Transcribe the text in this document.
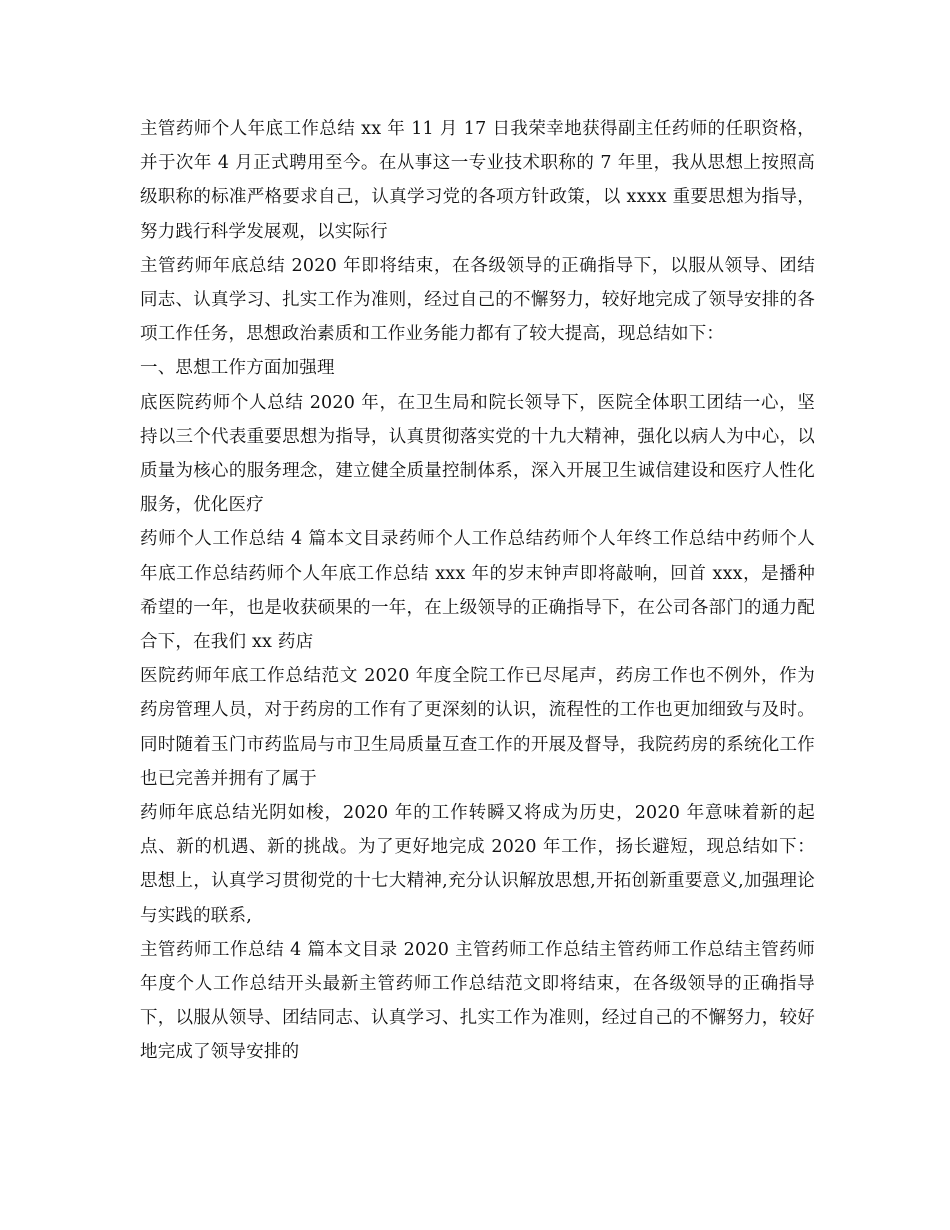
主管药师个人年底工作总结 xx 年 11 月 17 日我荣幸地获得副主任药师的任职资格，并于次年 4 月正式聘用至今。在从事这一专业技术职称的 7 年里，我从思想上按照高级职称的标准严格要求自己，认真学习党的各项方针政策，以 xxxx 重要思想为指导，努力践行科学发展观，以实际行

主管药师年底总结 2020 年即将结束，在各级领导的正确指导下，以服从领导、团结同志、认真学习、扎实工作为准则，经过自己的不懈努力，较好地完成了领导安排的各项工作任务，思想政治素质和工作业务能力都有了较大提高，现总结如下：

一、思想工作方面加强理

底医院药师个人总结 2020 年，在卫生局和院长领导下，医院全体职工团结一心，坚持以三个代表重要思想为指导，认真贯彻落实党的十九大精神，强化以病人为中心，以质量为核心的服务理念，建立健全质量控制体系，深入开展卫生诚信建设和医疗人性化服务，优化医疗

药师个人工作总结 4 篇本文目录药师个人工作总结药师个人年终工作总结中药师个人年底工作总结药师个人年底工作总结 xxx 年的岁末钟声即将敲响，回首 xxx，是播种希望的一年，也是收获硕果的一年，在上级领导的正确指导下，在公司各部门的通力配合下，在我们 xx 药店

医院药师年底工作总结范文 2020 年度全院工作已尽尾声，药房工作也不例外，作为药房管理人员，对于药房的工作有了更深刻的认识，流程性的工作也更加细致与及时。同时随着玉门市药监局与市卫生局质量互查工作的开展及督导，我院药房的系统化工作也已完善并拥有了属于

药师年底总结光阴如梭，2020 年的工作转瞬又将成为历史，2020 年意味着新的起点、新的机遇、新的挑战。为了更好地完成 2020 年工作，扬长避短，现总结如下：思想上，认真学习贯彻党的十七大精神,充分认识解放思想,开拓创新重要意义,加强理论与实践的联系,

主管药师工作总结 4 篇本文目录 2020 主管药师工作总结主管药师工作总结主管药师年度个人工作总结开头最新主管药师工作总结范文即将结束，在各级领导的正确指导下，以服从领导、团结同志、认真学习、扎实工作为准则，经过自己的不懈努力，较好地完成了领导安排的
